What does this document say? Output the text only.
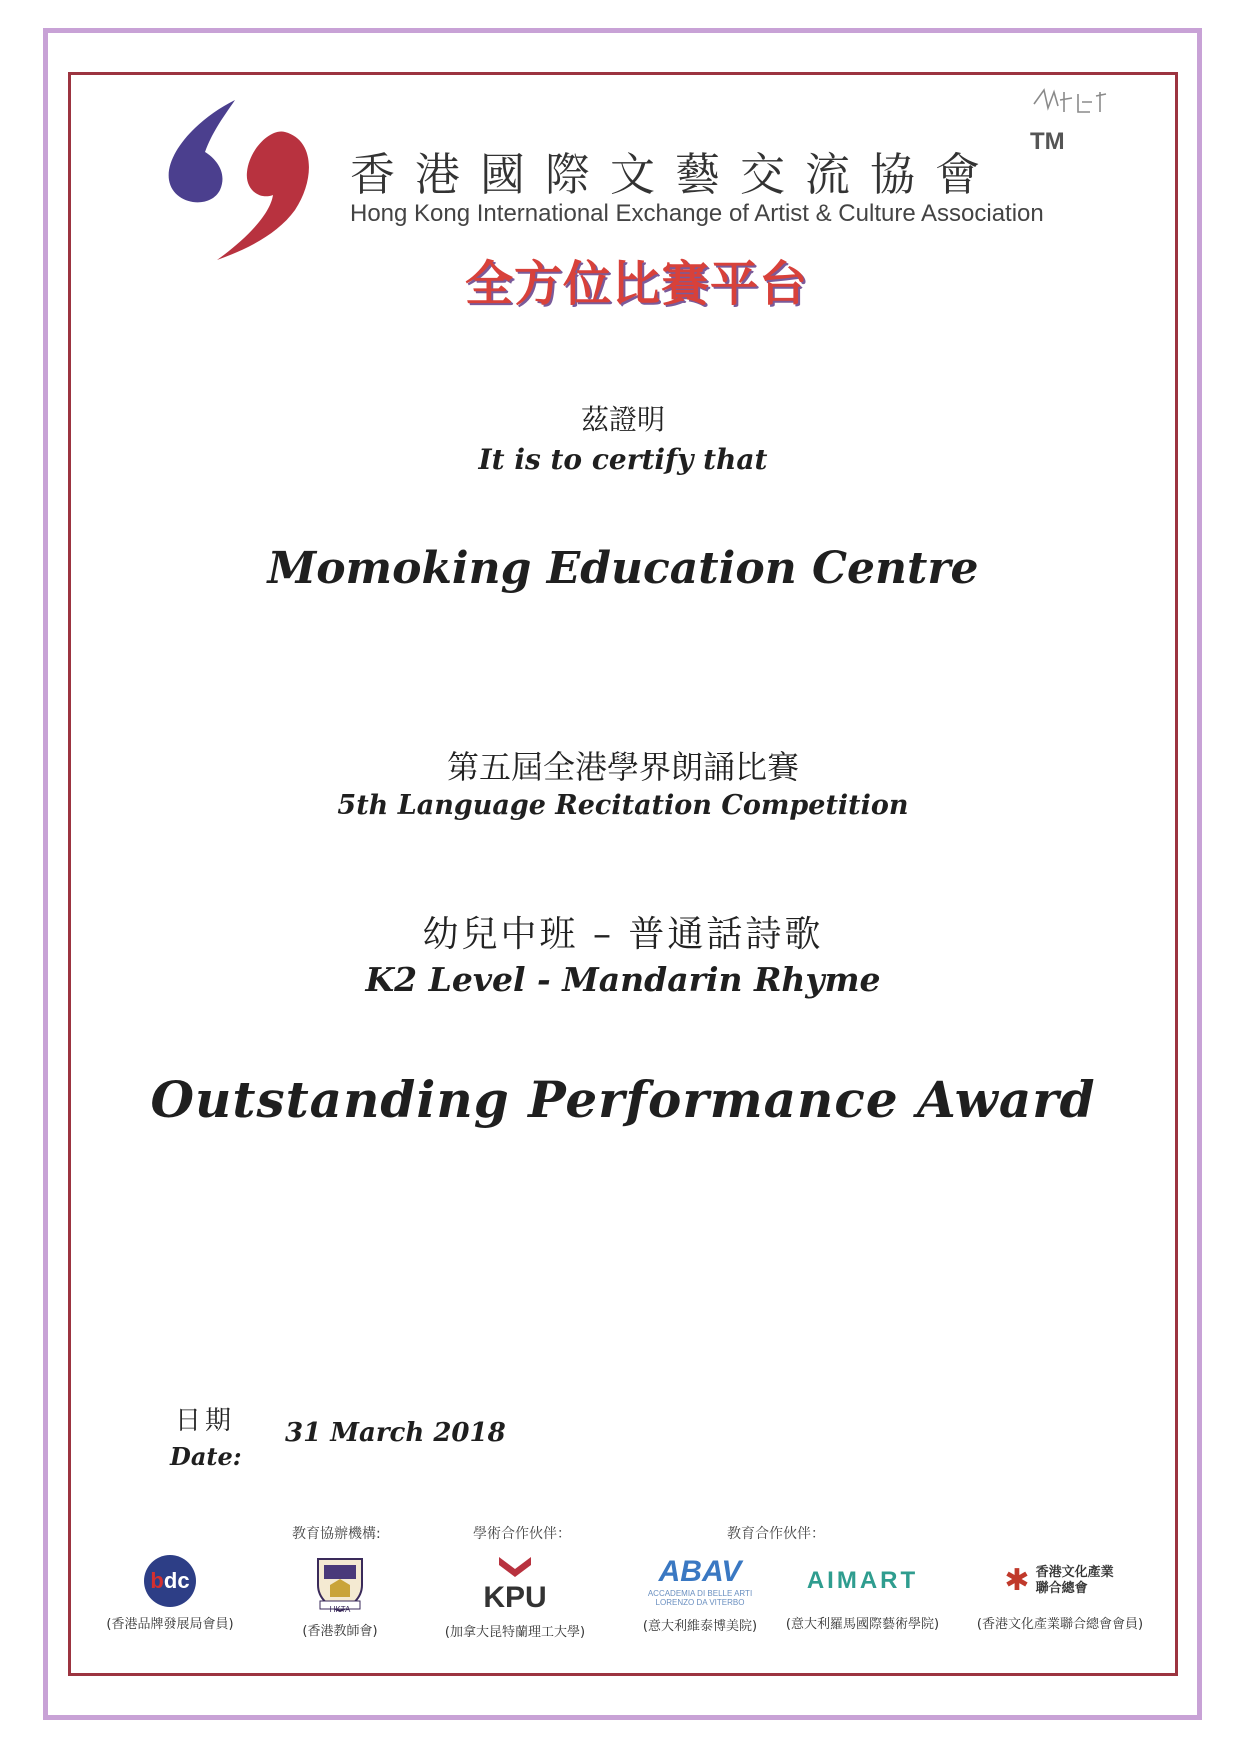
香港國際文藝交流協會
TM
Hong Kong International Exchange of Artist & Culture Association
全方位比賽平台
茲證明
It is to certify that
Momoking Education Centre
第五屆全港學界朗誦比賽
5th Language Recitation Competition
幼兒中班 – 普通話詩歌
K2 Level - Mandarin Rhyme
Outstanding Performance Award
日期
Date:
31 March 2018
教育協辦機構:	學術合作伙伴：	教育合作伙伴：
bdc
(香港品牌發展局會員)
HKTA
(香港教師會)
KPU
(加拿大昆特蘭理工大學)
ABAV
ACCADEMIA DI BELLE ARTI LORENZO DA VITERBO
(意大利維泰博美院)
AIMART
(意大利羅馬國際藝術學院)
✱ 香港文化產業聯合總會
(香港文化產業聯合總會會員)
